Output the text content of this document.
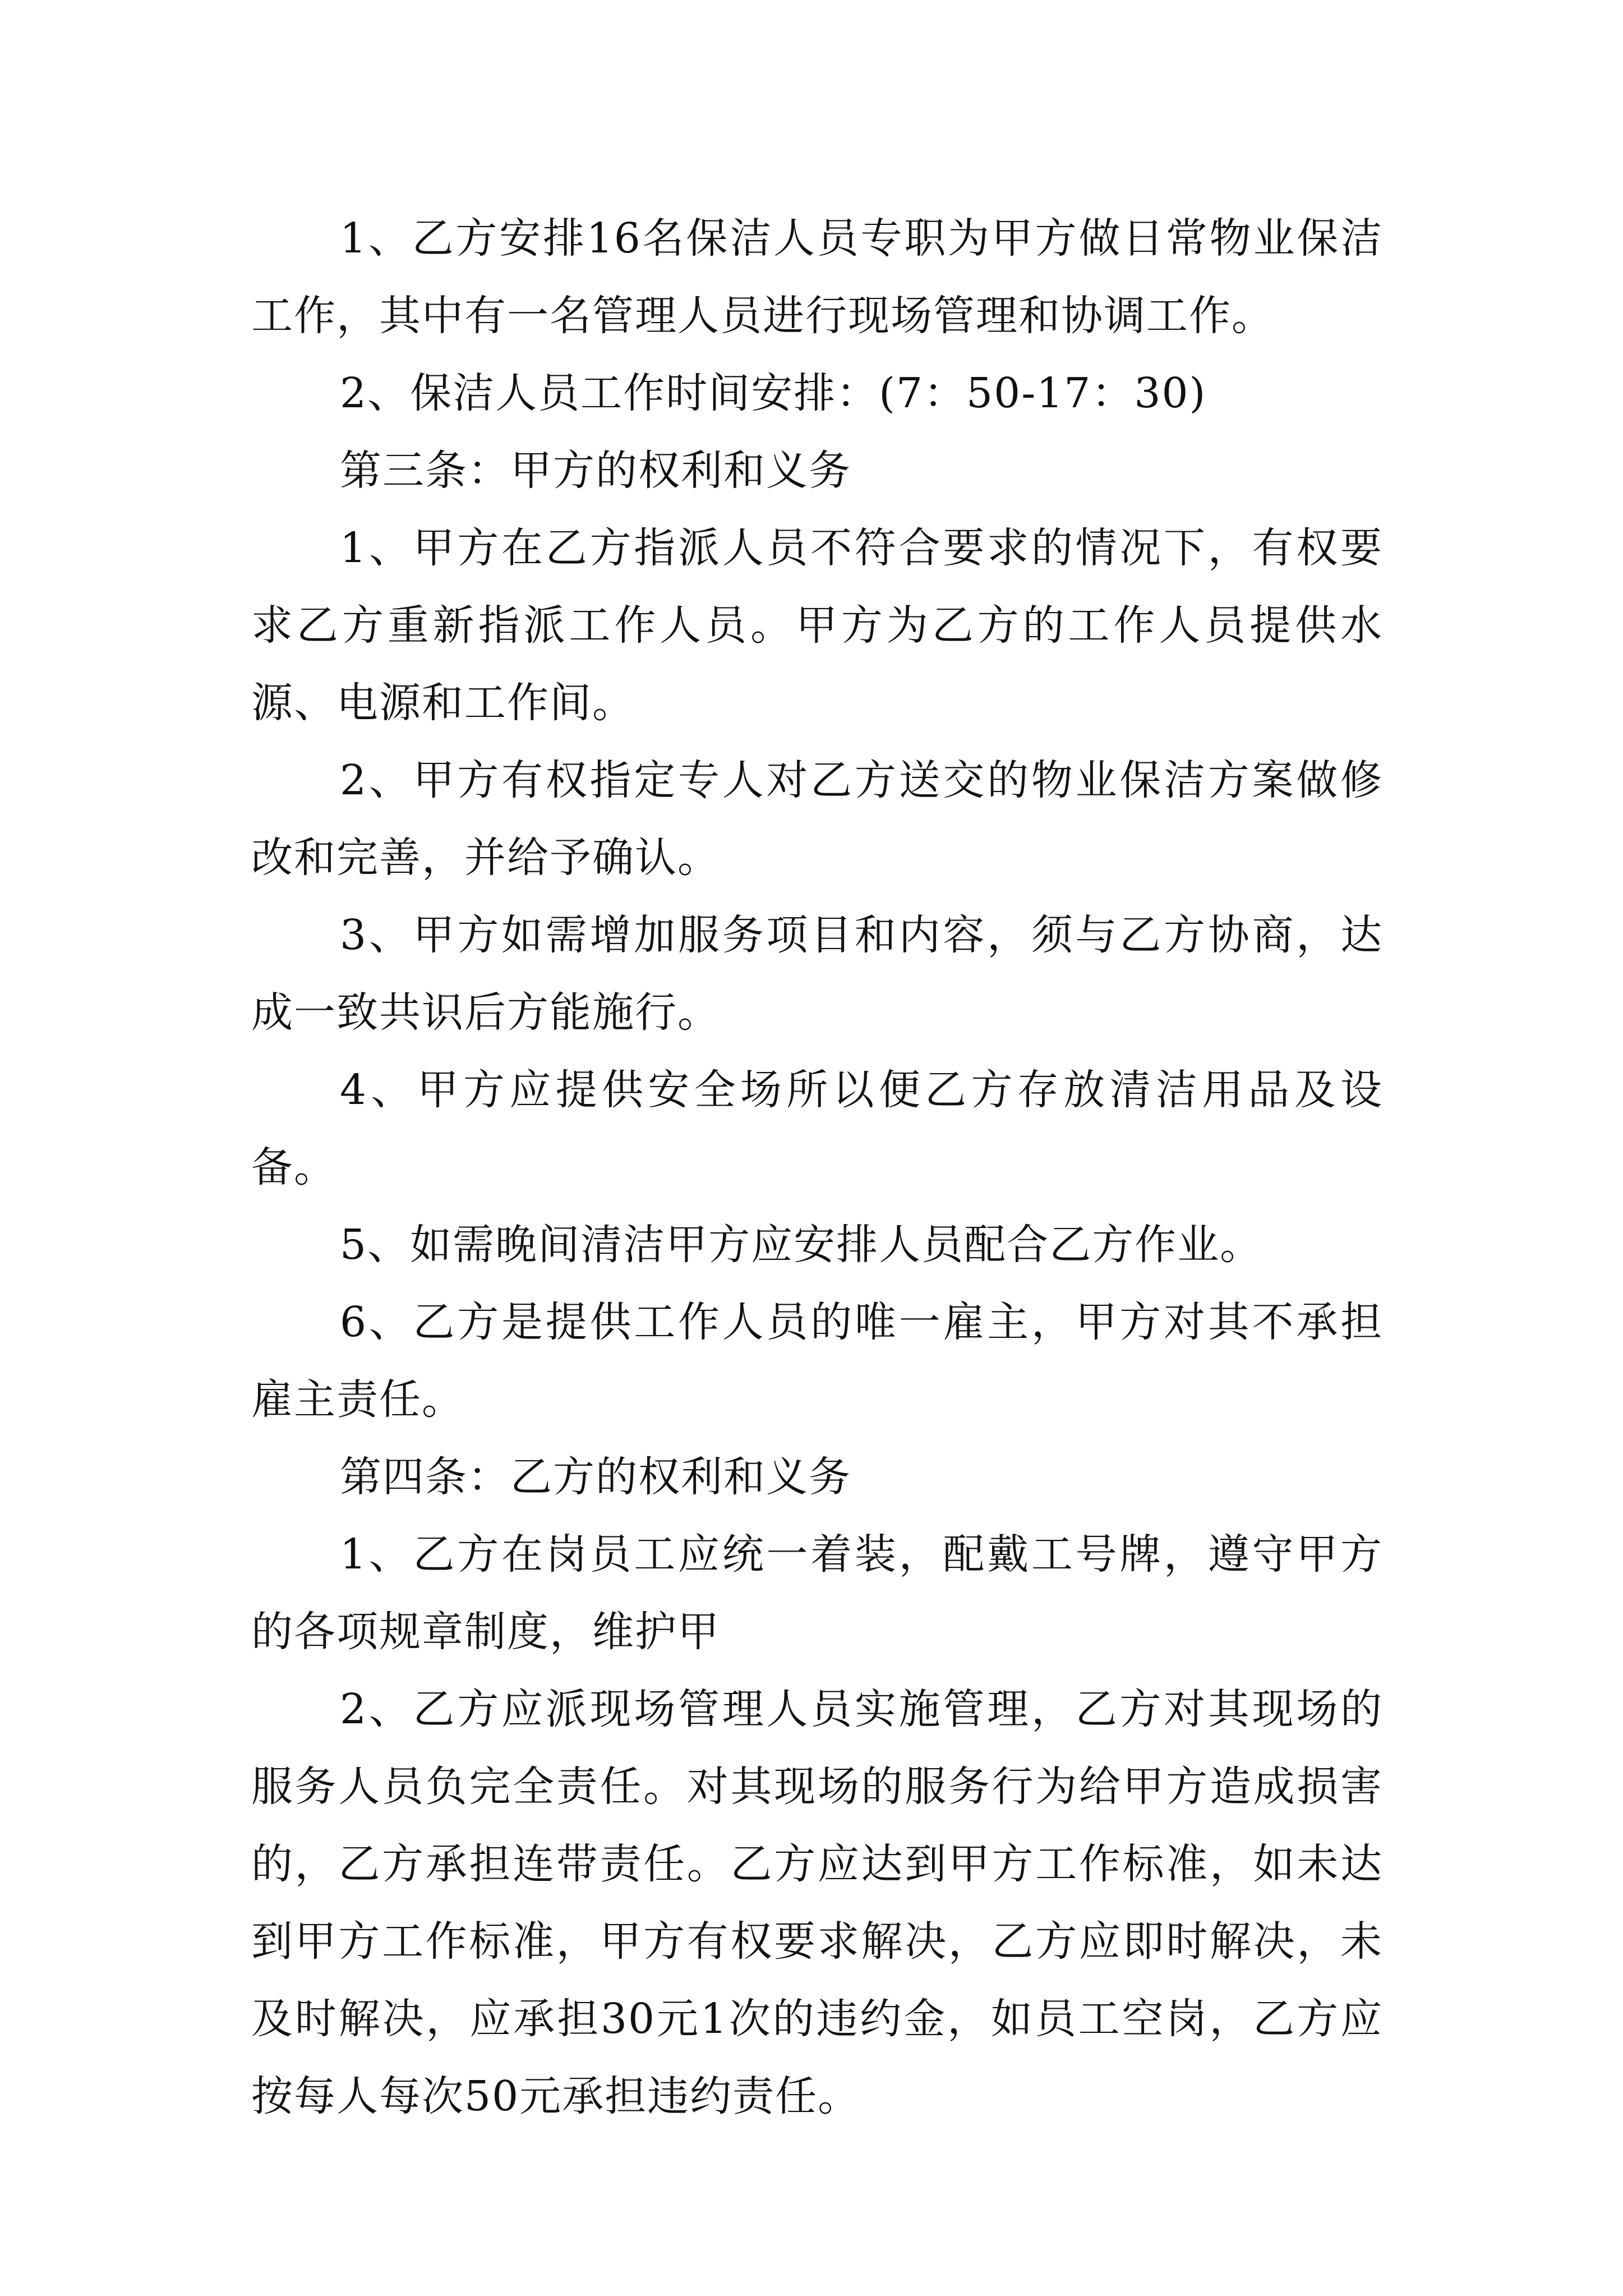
1、乙方安排16名保洁人员专职为甲方做日常物业保洁工作，其中有一名管理人员进行现场管理和协调工作。

2、保洁人员工作时间安排：(7：50-17：30)

第三条：甲方的权利和义务

1、甲方在乙方指派人员不符合要求的情况下，有权要求乙方重新指派工作人员。甲方为乙方的工作人员提供水源、电源和工作间。

2、甲方有权指定专人对乙方送交的物业保洁方案做修改和完善，并给予确认。

3、甲方如需增加服务项目和内容，须与乙方协商，达成一致共识后方能施行。

4、甲方应提供安全场所以便乙方存放清洁用品及设备。

5、如需晚间清洁甲方应安排人员配合乙方作业。

6、乙方是提供工作人员的唯一雇主，甲方对其不承担雇主责任。

第四条：乙方的权利和义务

1、乙方在岗员工应统一着装，配戴工号牌，遵守甲方的各项规章制度，维护甲

2、乙方应派现场管理人员实施管理，乙方对其现场的服务人员负完全责任。对其现场的服务行为给甲方造成损害的，乙方承担连带责任。乙方应达到甲方工作标准，如未达到甲方工作标准，甲方有权要求解决，乙方应即时解决，未及时解决，应承担30元1次的违约金，如员工空岗，乙方应按每人每次50元承担违约责任。
